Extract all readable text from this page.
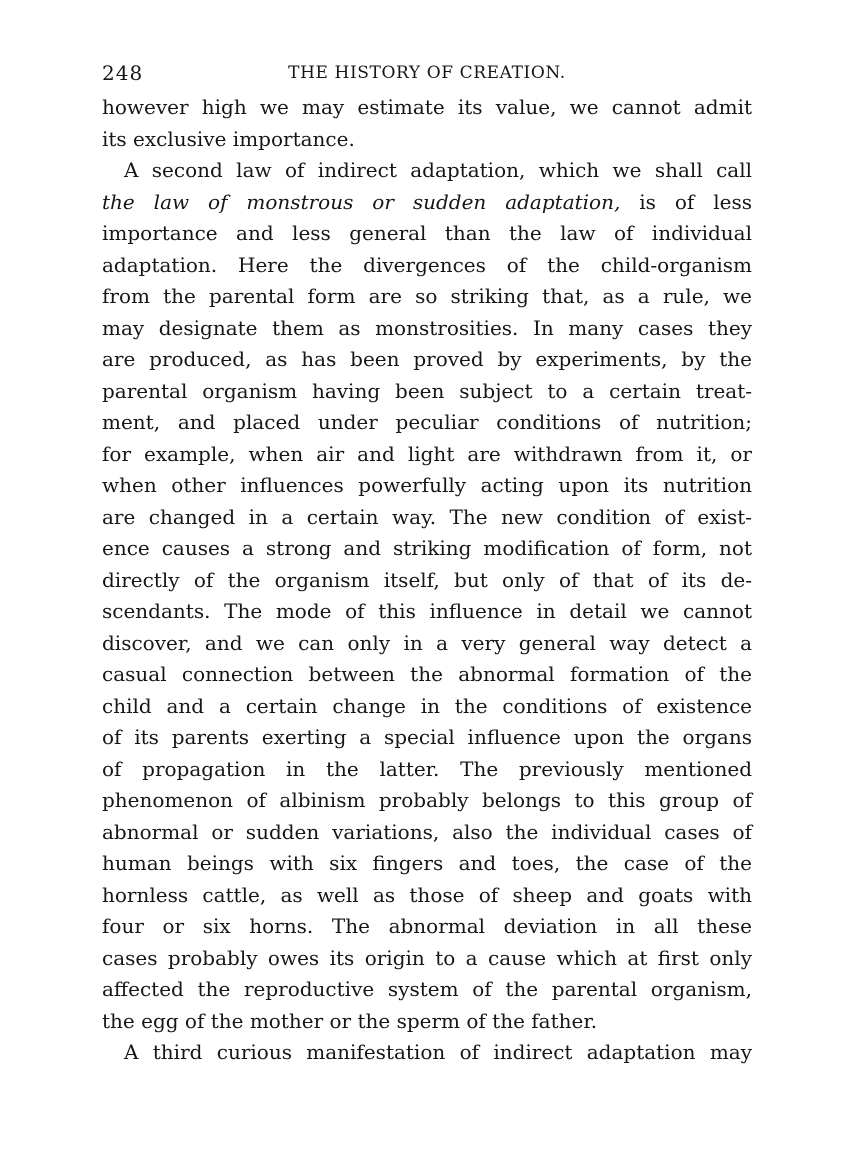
248	THE HISTORY OF CREATION.
however high we may estimate its value, we cannot admit
its exclusive importance.
A second law of indirect adaptation, which we shall call
the law of monstrous or sudden adaptation, is of less
importance and less general than the law of individual
adaptation. Here the divergences of the child-organism
from the parental form are so striking that, as a rule, we
may designate them as monstrosities. In many cases they
are produced, as has been proved by experiments, by the
parental organism having been subject to a certain treat-
ment, and placed under peculiar conditions of nutrition;
for example, when air and light are withdrawn from it, or
when other influences powerfully acting upon its nutrition
are changed in a certain way. The new condition of exist-
ence causes a strong and striking modification of form, not
directly of the organism itself, but only of that of its de-
scendants. The mode of this influence in detail we cannot
discover, and we can only in a very general way detect a
casual connection between the abnormal formation of the
child and a certain change in the conditions of existence
of its parents exerting a special influence upon the organs
of propagation in the latter. The previously mentioned
phenomenon of albinism probably belongs to this group of
abnormal or sudden variations, also the individual cases of
human beings with six fingers and toes, the case of the
hornless cattle, as well as those of sheep and goats with
four or six horns. The abnormal deviation in all these
cases probably owes its origin to a cause which at first only
affected the reproductive system of the parental organism,
the egg of the mother or the sperm of the father.
A third curious manifestation of indirect adaptation may
